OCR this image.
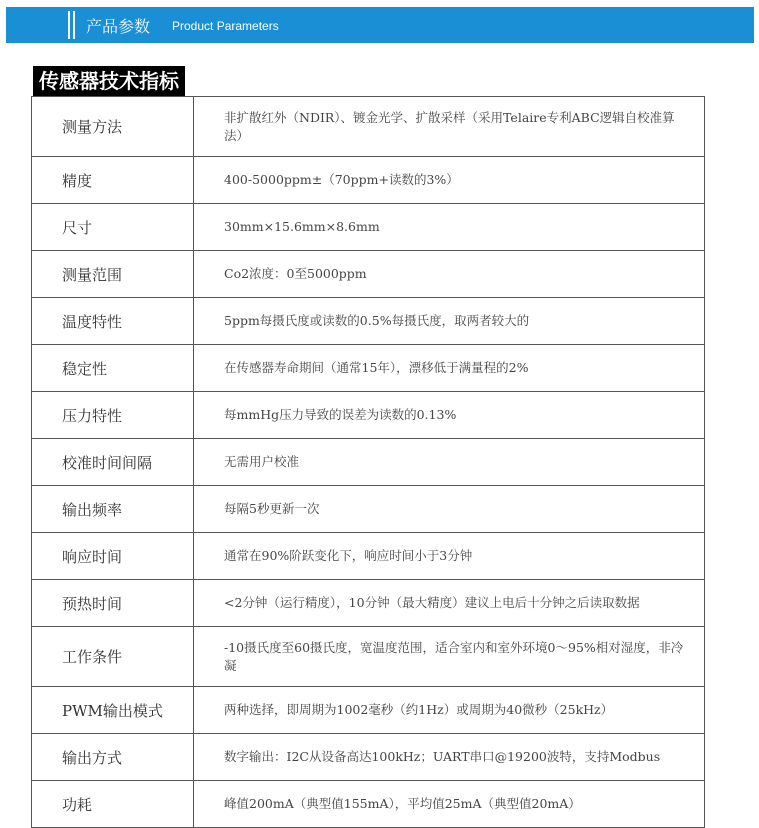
产品参数 Product Parameters
传感器技术指标
测量方法	非扩散红外（NDIR）、镀金光学、扩散采样（采用Telaire专利ABC逻辑自校准算法）
精度	400-5000ppm±（70ppm+读数的3%）
尺寸	30mm×15.6mm×8.6mm
测量范围	Co2浓度：0至5000ppm
温度特性	5ppm每摄氏度或读数的0.5%每摄氏度，取两者较大的
稳定性	在传感器寿命期间（通常15年），漂移低于满量程的2%
压力特性	每mmHg压力导致的误差为读数的0.13%
校准时间间隔	无需用户校准
输出频率	每隔5秒更新一次
响应时间	通常在90%阶跃变化下，响应时间小于3分钟
预热时间	<2分钟（运行精度），10分钟（最大精度）建议上电后十分钟之后读取数据
工作条件	-10摄氏度至60摄氏度，宽温度范围，适合室内和室外环境0～95%相对湿度，非冷凝
PWM输出模式	两种选择，即周期为1002毫秒（约1Hz）或周期为40微秒（25kHz）
输出方式	数字输出：I2C从设备高达100kHz；UART串口@19200波特，支持Modbus
功耗	峰值200mA（典型值155mA），平均值25mA（典型值20mA）
